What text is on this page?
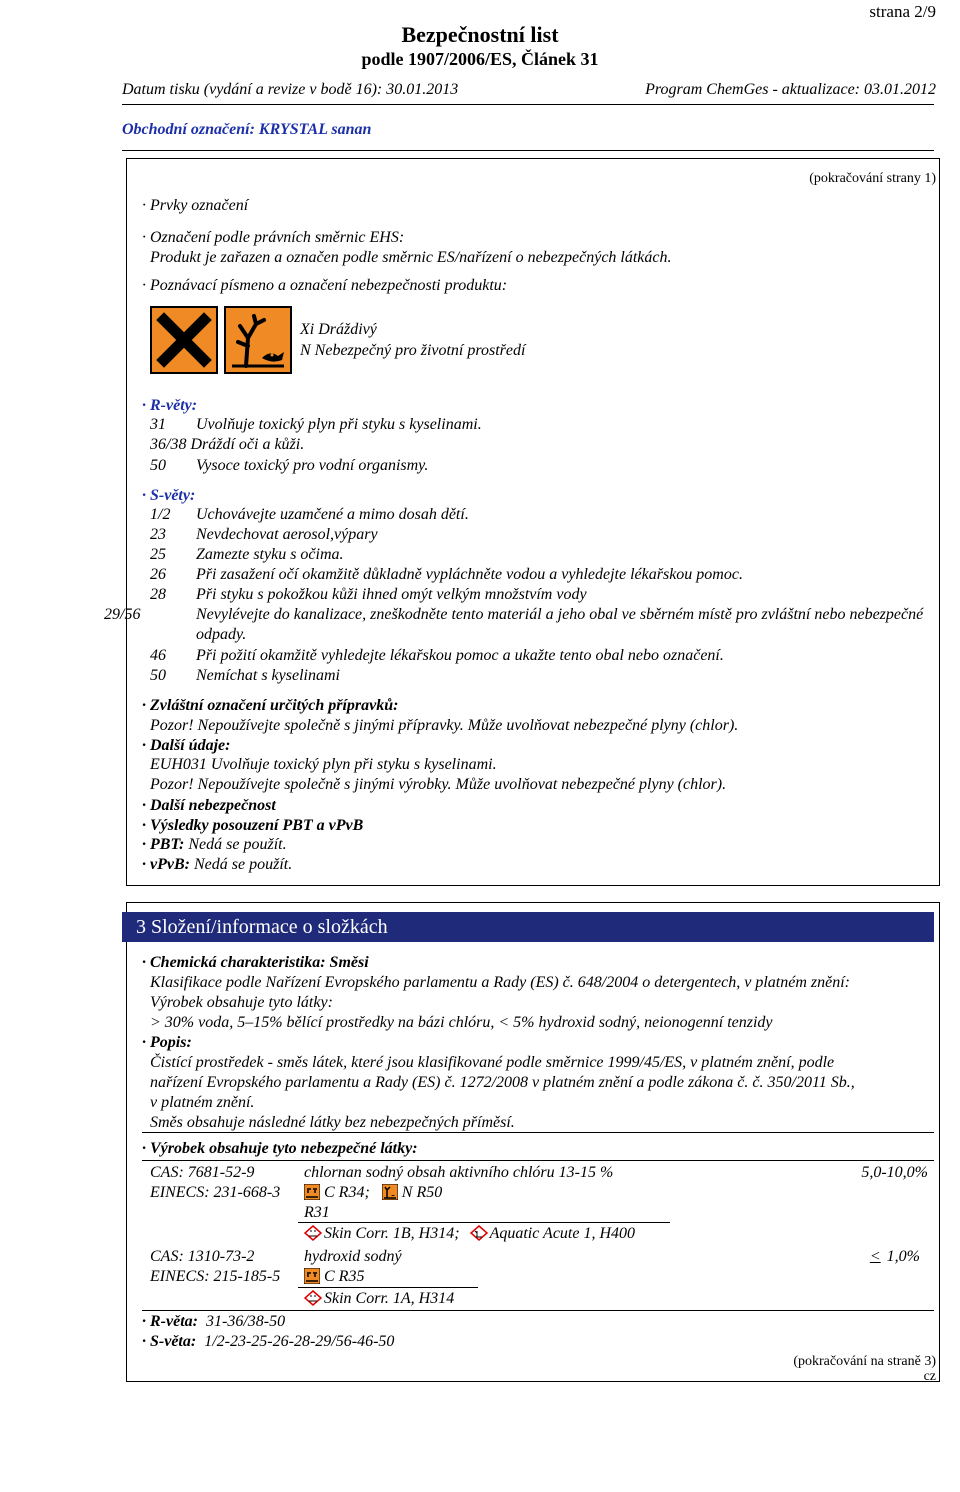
strana 2/9
Bezpečnostní list
podle 1907/2006/ES, Článek 31
Datum tisku (vydání a revize v bodě 16): 30.01.2013	Program ChemGes - aktualizace: 03.01.2012
Obchodní označení: KRYSTAL sanan
(pokračování strany 1)
· Prvky označení
· Označení podle právních směrnic EHS:
Produkt je zařazen a označen podle směrnic ES/nařízení o nebezpečných látkách.
· Poznávací písmeno a označení nebezpečnosti produktu:
Xi Dráždivý
N Nebezpečný pro životní prostředí
· R-věty:
31 Uvolňuje toxický plyn při styku s kyselinami.
36/38 Dráždí oči a kůži.
50 Vysoce toxický pro vodní organismy.
· S-věty:
1/2 Uchovávejte uzamčené a mimo dosah dětí.
23 Nevdechovat aerosol,výpary
25 Zamezte styku s očima.
26 Při zasažení očí okamžitě důkladně vypláchněte vodou a vyhledejte lékařskou pomoc.
28 Při styku s pokožkou kůži ihned omýt velkým množstvím vody
29/56	Nevylévejte do kanalizace, zneškodněte tento materiál a jeho obal ve sběrném místě pro zvláštní nebo nebezpečné odpady.
46 Při požití okamžitě vyhledejte lékařskou pomoc a ukažte tento obal nebo označení.
50 Nemíchat s kyselinami
· Zvláštní označení určitých přípravků:
Pozor! Nepoužívejte společně s jinými přípravky. Může uvolňovat nebezpečné plyny (chlor).
· Další údaje:
EUH031 Uvolňuje toxický plyn při styku s kyselinami.
Pozor! Nepoužívejte společně s jinými výrobky. Může uvolňovat nebezpečné plyny (chlor).
· Další nebezpečnost
· Výsledky posouzení PBT a vPvB
· PBT: Nedá se použít.
· vPvB: Nedá se použít.
3 Složení/informace o složkách
· Chemická charakteristika: Směsi
Klasifikace podle Nařízení Evropského parlamentu a Rady (ES) č. 648/2004 o detergentech, v platném znění:
Výrobek obsahuje tyto látky:
> 30% voda, 5–15% bělící prostředky na bázi chlóru, < 5% hydroxid sodný, neionogenní tenzidy
· Popis:
Čistící prostředek - směs látek, které jsou klasifikované podle směrnice 1999/45/ES, v platném znění, podle
nařízení Evropského parlamentu a Rady (ES) č. 1272/2008 v platném znění a podle zákona č. č. 350/2011 Sb.,
v platném znění.
Směs obsahuje následné látky bez nebezpečných příměsí.
· Výrobek obsahuje tyto nebezpečné látky:
CAS: 7681-52-9
EINECS: 231-668-3
chlornan sodný obsah aktivního chlóru 13-15 %	5,0-10,0%
C R34; N R50
R31
Skin Corr. 1B, H314; Aquatic Acute 1, H400
CAS: 1310-73-2
EINECS: 215-185-5
hydroxid sodný	< 1,0%
C R35
Skin Corr. 1A, H314
· R-věta: 31-36/38-50
· S-věta: 1/2-23-25-26-28-29/56-46-50
(pokračování na straně 3)
cz
